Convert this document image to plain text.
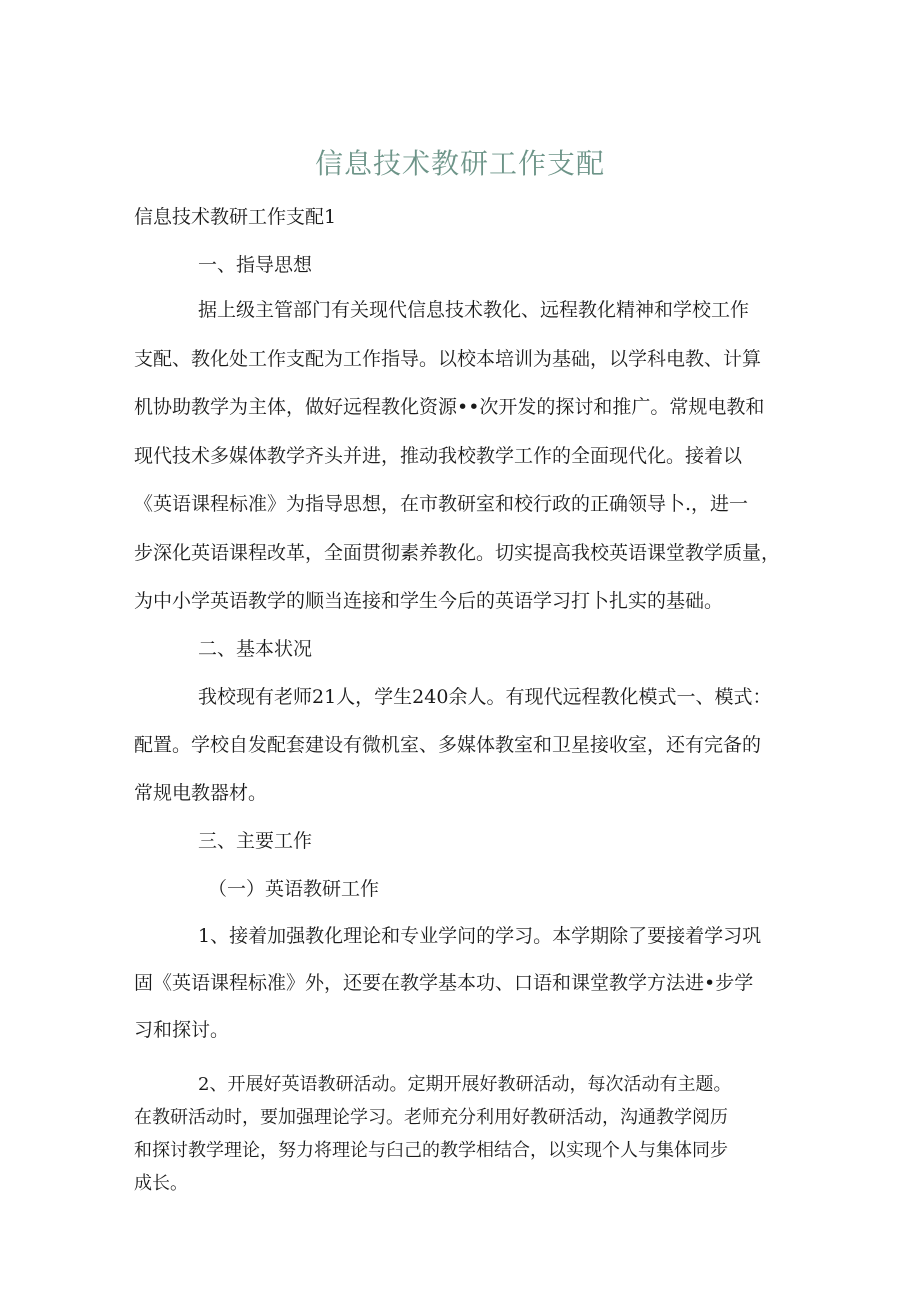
信息技术教研工作支配
信息技术教研工作支配1
一、指导思想
据上级主管部门有关现代信息技术教化、远程教化精神和学校工作
支配、教化处工作支配为工作指导。以校本培训为基础，以学科电教、计算
机协助教学为主体，做好远程教化资源••次开发的探讨和推广。常规电教和
现代技术多媒体教学齐头并进，推动我校教学工作的全面现代化。接着以
《英语课程标准》为指导思想，在市教研室和校行政的正确领导卜.，进一
步深化英语课程改革，全面贯彻素养教化。切实提高我校英语课堂教学质量，
为中小学英语教学的顺当连接和学生今后的英语学习打卜扎实的基础。
二、基本状况
我校现有老师21人，学生240余人。有现代远程教化模式一、模式：
配置。学校自发配套建设有微机室、多媒体教室和卫星接收室，还有完备的
常规电教器材。
三、主要工作
（一）英语教研工作
1、接着加强教化理论和专业学问的学习。本学期除了要接着学习巩
固《英语课程标准》外，还要在教学基本功、口语和课堂教学方法进•步学
习和探讨。
2、开展好英语教研活动。定期开展好教研活动，每次活动有主题。
在教研活动时，要加强理论学习。老师充分利用好教研活动，沟通教学阅历
和探讨教学理论，努力将理论与臼己的教学相结合，以实现个人与集体同步
成长。
